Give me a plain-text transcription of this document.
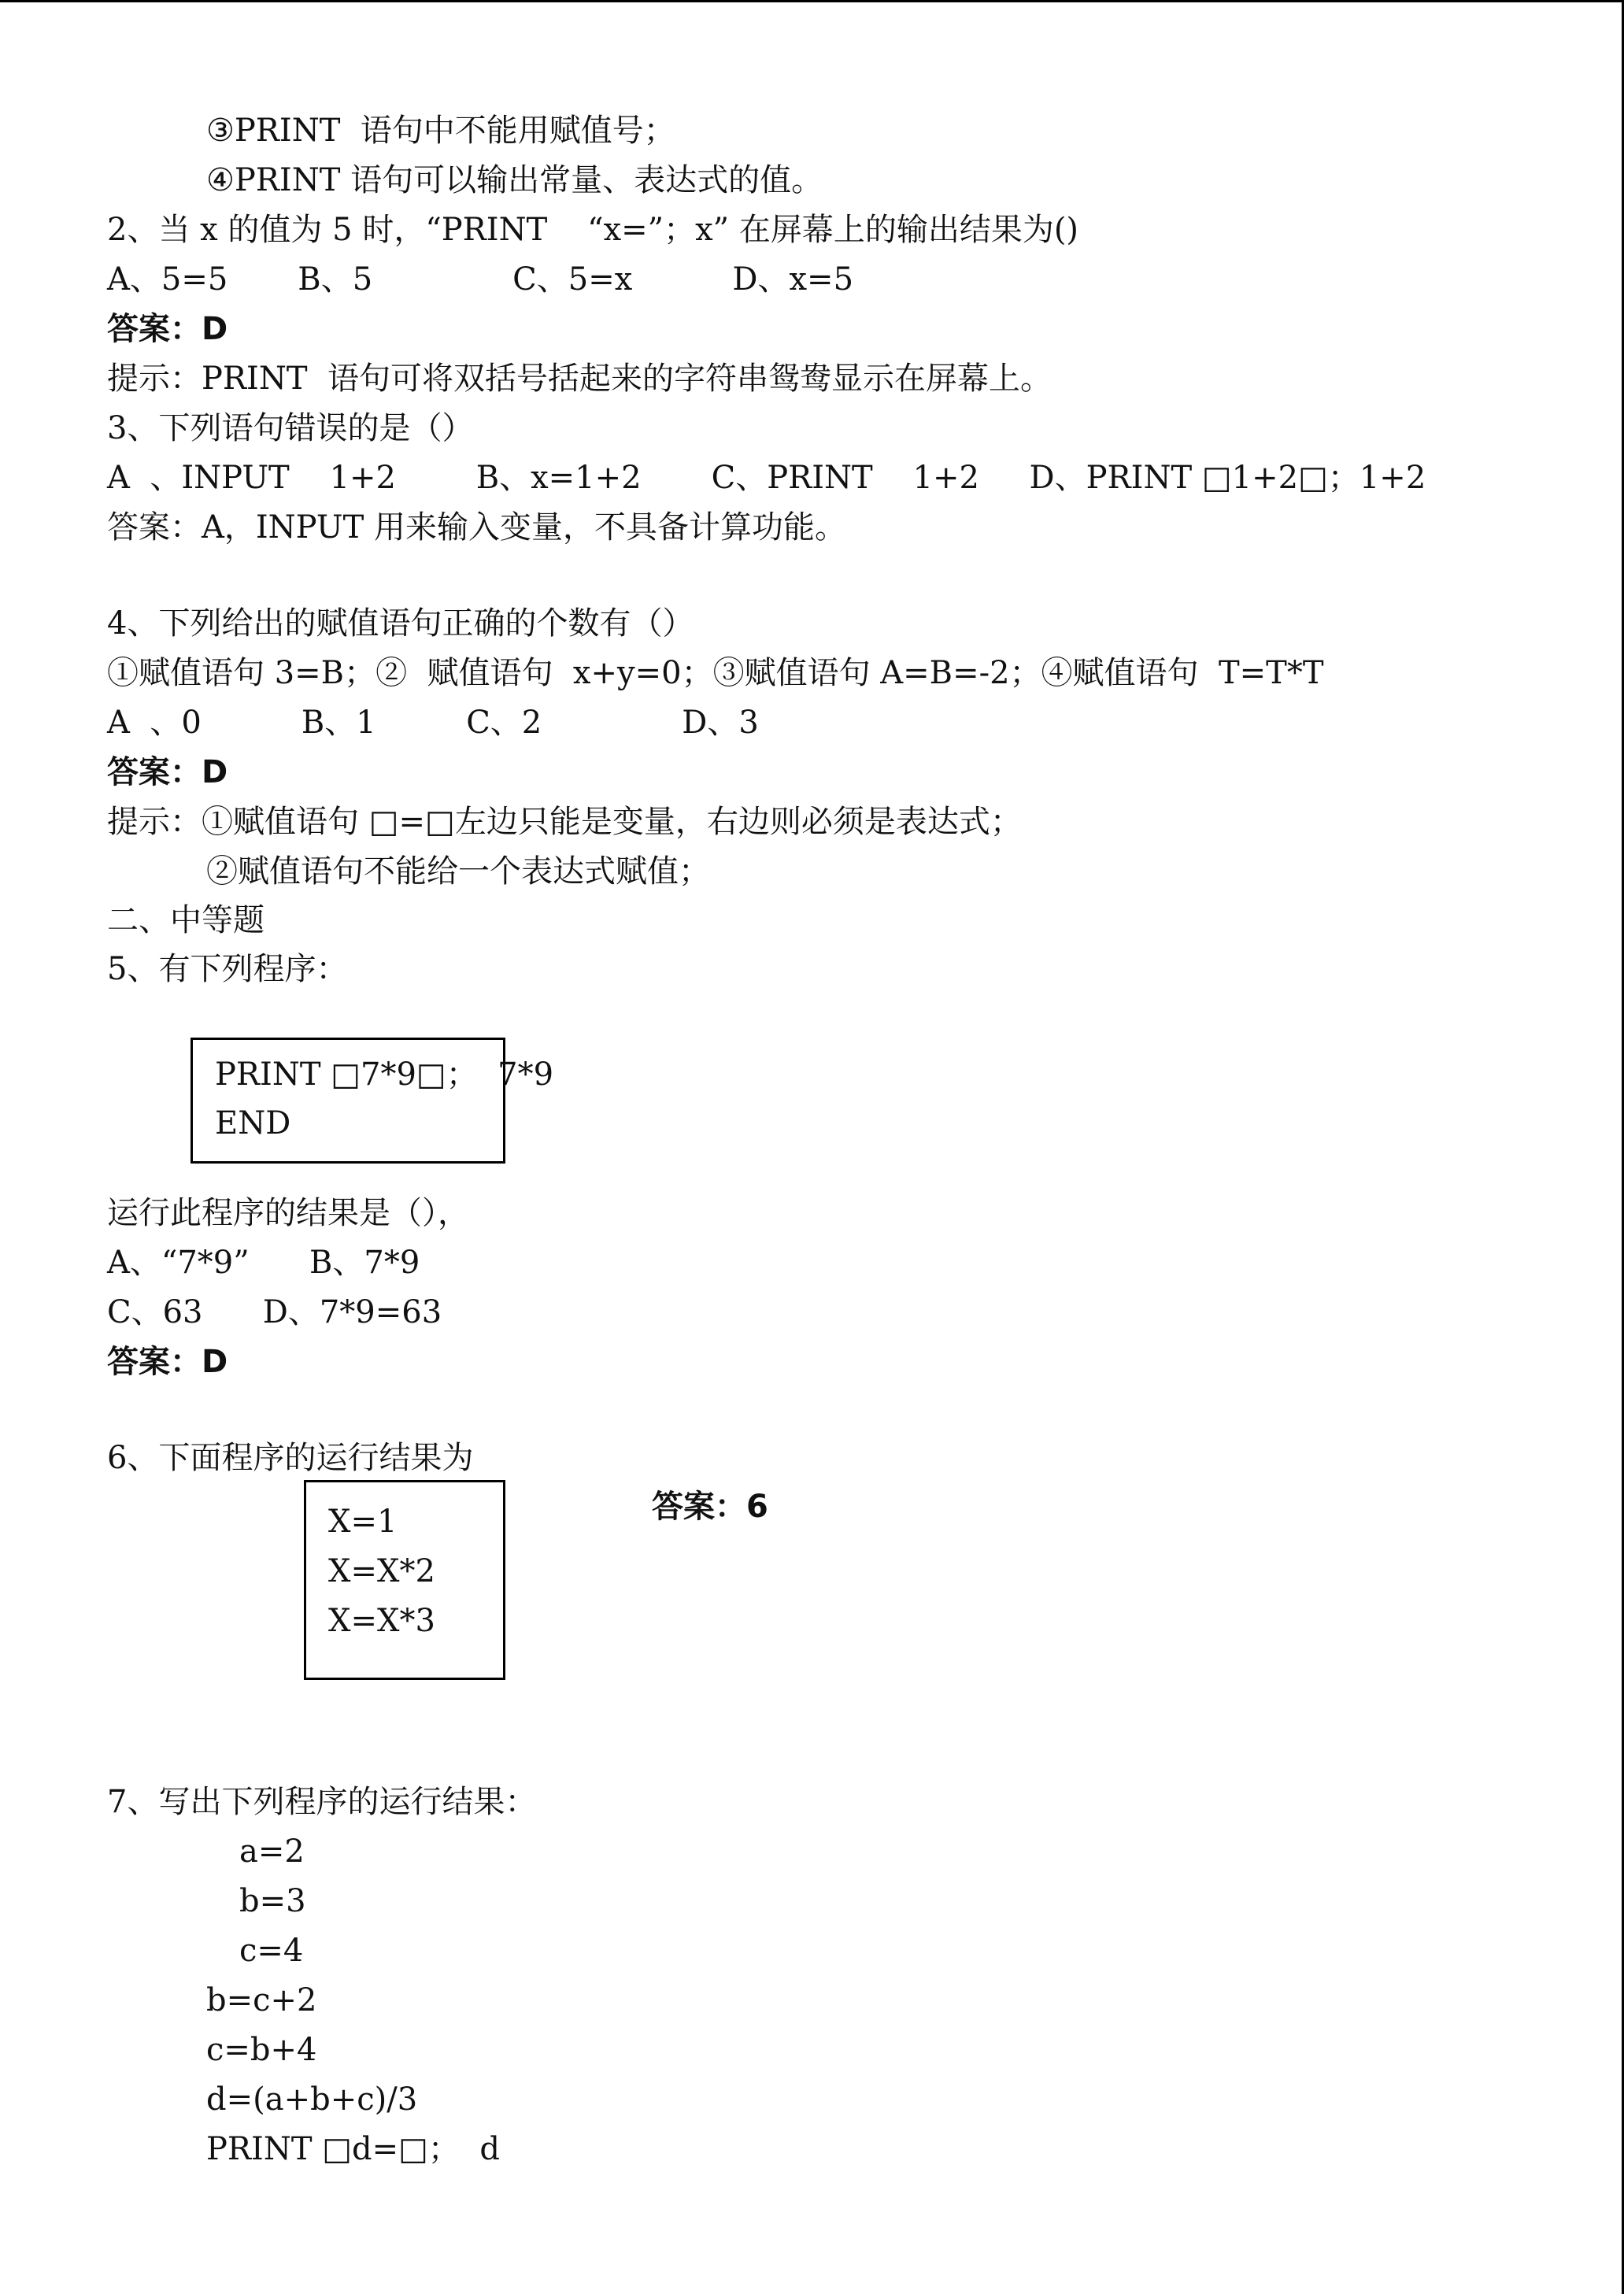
③PRINT  语句中不能用赋值号；
④PRINT 语句可以输出常量、表达式的值。
2、当 x 的值为 5 时，“PRINT    “x=”；x” 在屏幕上的输出结果为()
A、5=5       B、5              C、5=x          D、x=5
答案：D
提示：PRINT  语句可将双括号括起来的字符串鸳鸯显示在屏幕上。
3、下列语句错误的是（）
A  、INPUT    1+2        B、x=1+2       C、PRINT    1+2     D、PRINT □1+2□；1+2
答案：A，INPUT 用来输入变量，不具备计算功能。
4、下列给出的赋值语句正确的个数有（）
①赋值语句 3=B；②  赋值语句  x+y=0；③赋值语句 A=B=-2；④赋值语句  T=T*T
A  、0          B、1         C、2              D、3
答案：D
提示：①赋值语句 □=□左边只能是变量，右边则必须是表达式；
②赋值语句不能给一个表达式赋值；
二、中等题
5、有下列程序：
PRINT □7*9□；  7*9
END
运行此程序的结果是（），
A、“7*9”      B、7*9
C、63      D、7*9=63
答案：D
6、下面程序的运行结果为
X=1
X=X*2
X=X*3
答案：6
7、写出下列程序的运行结果：
a=2
b=3
c=4
b=c+2
c=b+4
d=(a+b+c)/3
PRINT □d=□；  d
